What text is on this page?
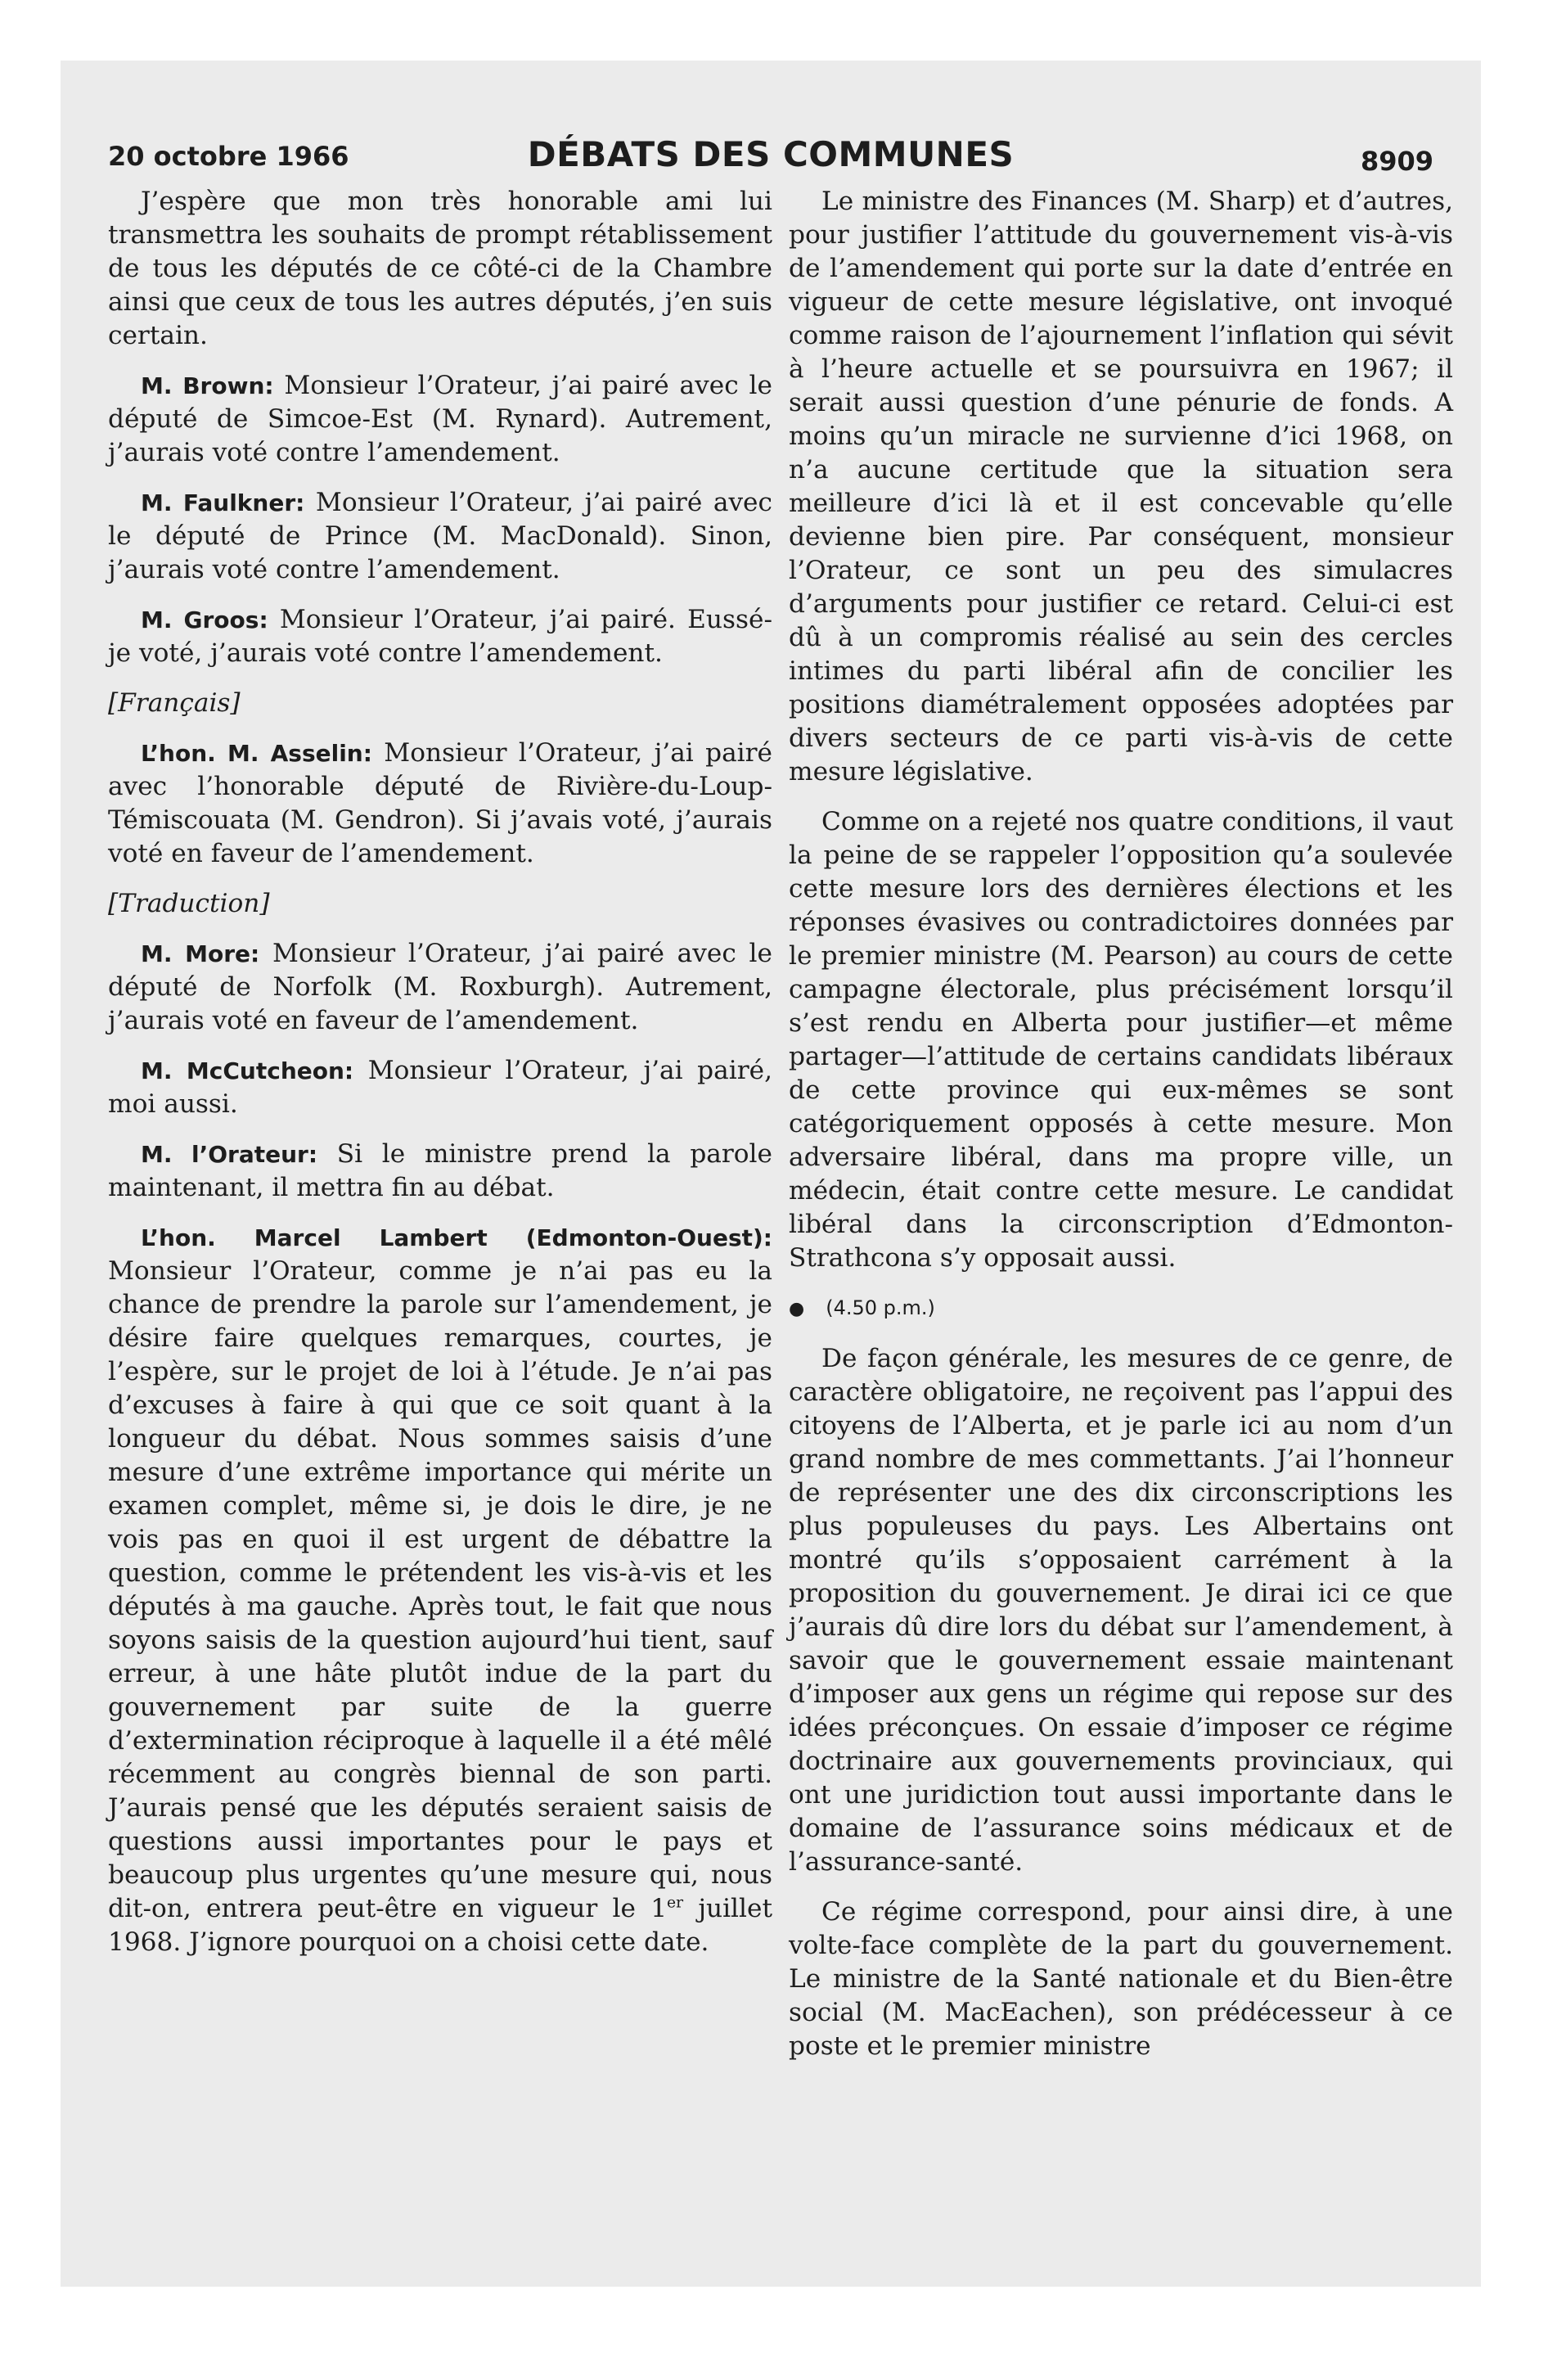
20 octobre 1966	DÉBATS DES COMMUNES	8909

J’espère que mon très honorable ami lui transmettra les souhaits de prompt rétablissement de tous les députés de ce côté-ci de la Chambre ainsi que ceux de tous les autres députés, j’en suis certain.

M. Brown: Monsieur l’Orateur, j’ai pairé avec le député de Simcoe-Est (M. Rynard). Autrement, j’aurais voté contre l’amendement.

M. Faulkner: Monsieur l’Orateur, j’ai pairé avec le député de Prince (M. MacDonald). Sinon, j’aurais voté contre l’amendement.

M. Groos: Monsieur l’Orateur, j’ai pairé. Eussé-je voté, j’aurais voté contre l’amendement.

[Français]

L’hon. M. Asselin: Monsieur l’Orateur, j’ai pairé avec l’honorable député de Rivière-du-Loup-Témiscouata (M. Gendron). Si j’avais voté, j’aurais voté en faveur de l’amendement.

[Traduction]

M. More: Monsieur l’Orateur, j’ai pairé avec le député de Norfolk (M. Roxburgh). Autrement, j’aurais voté en faveur de l’amendement.

M. McCutcheon: Monsieur l’Orateur, j’ai pairé, moi aussi.

M. l’Orateur: Si le ministre prend la parole maintenant, il mettra fin au débat.

L’hon. Marcel Lambert (Edmonton-Ouest): Monsieur l’Orateur, comme je n’ai pas eu la chance de prendre la parole sur l’amendement, je désire faire quelques remarques, courtes, je l’espère, sur le projet de loi à l’étude. Je n’ai pas d’excuses à faire à qui que ce soit quant à la longueur du débat. Nous sommes saisis d’une mesure d’une extrême importance qui mérite un examen complet, même si, je dois le dire, je ne vois pas en quoi il est urgent de débattre la question, comme le prétendent les vis-à-vis et les députés à ma gauche. Après tout, le fait que nous soyons saisis de la question aujourd’hui tient, sauf erreur, à une hâte plutôt indue de la part du gouvernement par suite de la guerre d’extermination réciproque à laquelle il a été mêlé récemment au congrès biennal de son parti. J’aurais pensé que les députés seraient saisis de questions aussi importantes pour le pays et beaucoup plus urgentes qu’une mesure qui, nous dit-on, entrera peut-être en vigueur le 1er juillet 1968. J’ignore pourquoi on a choisi cette date.

Le ministre des Finances (M. Sharp) et d’autres, pour justifier l’attitude du gouvernement vis-à-vis de l’amendement qui porte sur la date d’entrée en vigueur de cette mesure législative, ont invoqué comme raison de l’ajournement l’inflation qui sévit à l’heure actuelle et se poursuivra en 1967; il serait aussi question d’une pénurie de fonds. A moins qu’un miracle ne survienne d’ici 1968, on n’a aucune certitude que la situation sera meilleure d’ici là et il est concevable qu’elle devienne bien pire. Par conséquent, monsieur l’Orateur, ce sont un peu des simulacres d’arguments pour justifier ce retard. Celui-ci est dû à un compromis réalisé au sein des cercles intimes du parti libéral afin de concilier les positions diamétralement opposées adoptées par divers secteurs de ce parti vis-à-vis de cette mesure législative.

Comme on a rejeté nos quatre conditions, il vaut la peine de se rappeler l’opposition qu’a soulevée cette mesure lors des dernières élections et les réponses évasives ou contradictoires données par le premier ministre (M. Pearson) au cours de cette campagne électorale, plus précisément lorsqu’il s’est rendu en Alberta pour justifier—et même partager—l’attitude de certains candidats libéraux de cette province qui eux-mêmes se sont catégoriquement opposés à cette mesure. Mon adversaire libéral, dans ma propre ville, un médecin, était contre cette mesure. Le candidat libéral dans la circonscription d’Edmonton-Strathcona s’y opposait aussi.

● (4.50 p.m.)

De façon générale, les mesures de ce genre, de caractère obligatoire, ne reçoivent pas l’appui des citoyens de l’Alberta, et je parle ici au nom d’un grand nombre de mes commettants. J’ai l’honneur de représenter une des dix circonscriptions les plus populeuses du pays. Les Albertains ont montré qu’ils s’opposaient carrément à la proposition du gouvernement. Je dirai ici ce que j’aurais dû dire lors du débat sur l’amendement, à savoir que le gouvernement essaie maintenant d’imposer aux gens un régime qui repose sur des idées préconçues. On essaie d’imposer ce régime doctrinaire aux gouvernements provinciaux, qui ont une juridiction tout aussi importante dans le domaine de l’assurance soins médicaux et de l’assurance-santé.

Ce régime correspond, pour ainsi dire, à une volte-face complète de la part du gouvernement. Le ministre de la Santé nationale et du Bien-être social (M. MacEachen), son prédécesseur à ce poste et le premier ministre
